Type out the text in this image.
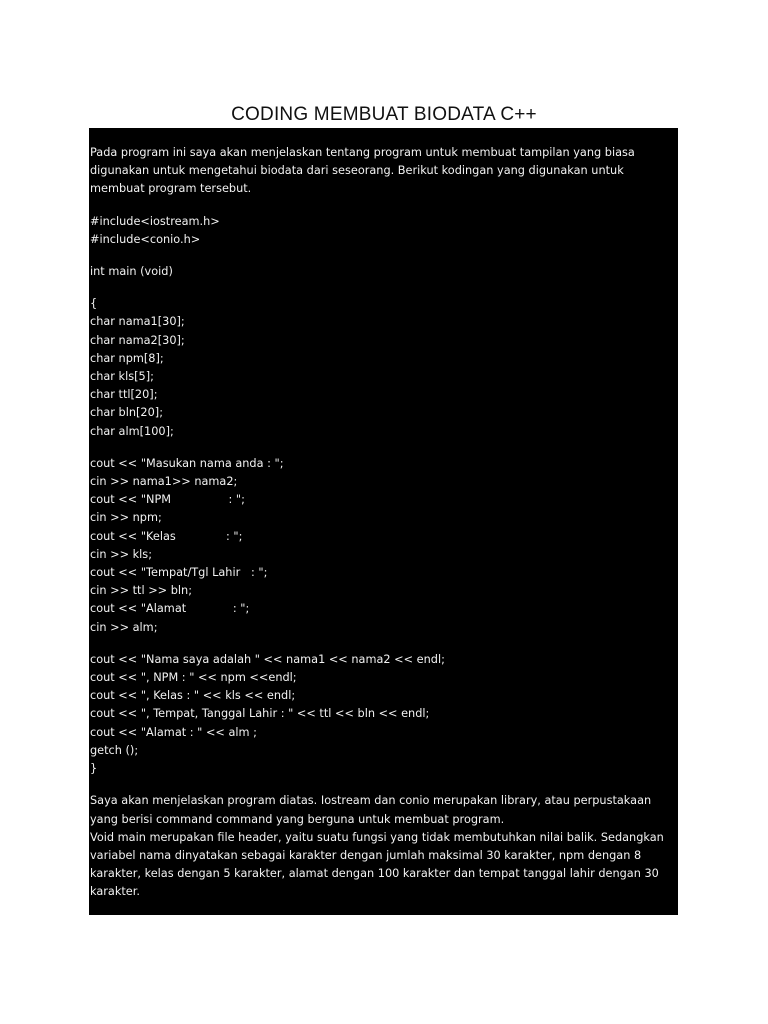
CODING MEMBUAT BIODATA C++

Pada program ini saya akan menjelaskan tentang program untuk membuat tampilan yang biasa digunakan untuk mengetahui biodata dari seseorang. Berikut kodingan yang digunakan untuk membuat program tersebut.

#include<iostream.h>
#include<conio.h>
int main (void)
{
char nama1[30];
char nama2[30];
char npm[8];
char kls[5];
char ttl[20];
char bln[20];
char alm[100];
cout << "Masukan nama anda : ";
cin >> nama1>> nama2;
cout << "NPM                : ";
cin >> npm;
cout << "Kelas              : ";
cin >> kls;
cout << "Tempat/Tgl Lahir   : ";
cin >> ttl >> bln;
cout << "Alamat             : ";
cin >> alm;
cout << "Nama saya adalah " << nama1 << nama2 << endl;
cout << ", NPM : " << npm <<endl;
cout << ", Kelas : " << kls << endl;
cout << ", Tempat, Tanggal Lahir : " << ttl << bln << endl;
cout << "Alamat : " << alm ;
getch ();
}

Saya akan menjelaskan program diatas. Iostream dan conio merupakan library, atau perpustakaan yang berisi command command yang berguna untuk membuat program.

Void main merupakan file header, yaitu suatu fungsi yang tidak membutuhkan nilai balik. Sedangkan variabel nama dinyatakan sebagai karakter dengan jumlah maksimal 30 karakter, npm dengan 8 karakter, kelas dengan 5 karakter, alamat dengan 100 karakter dan tempat tanggal lahir dengan 30 karakter.
